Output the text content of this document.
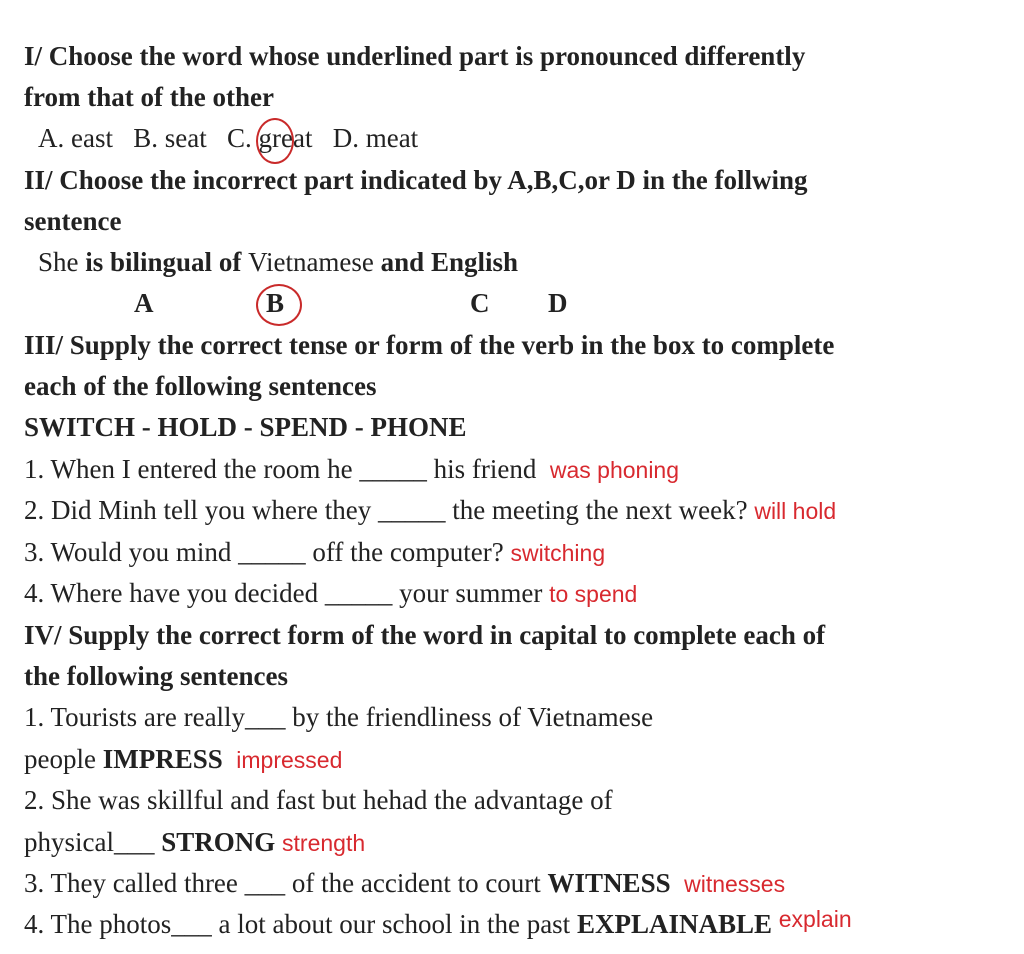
I/ Choose the word whose underlined part is pronounced differently
from that of the other
A. east B. seat C. great D. meat
II/ Choose the incorrect part indicated by A,B,C,or D in the follwing
sentence
She is bilingual of Vietnamese and English
A	B	C D
III/ Supply the correct tense or form of the verb in the box to complete
each of the following sentences
SWITCH - HOLD - SPEND - PHONE
1. When I entered the room he _____ his friend was phoning
2. Did Minh tell you where they _____ the meeting the next week? will hold
3. Would you mind _____ off the computer? switching
4. Where have you decided _____ your summer to spend
IV/ Supply the correct form of the word in capital to complete each of
the following sentences
1. Tourists are really___ by the friendliness of Vietnamese
people IMPRESS impressed
2. She was skillful and fast but hehad the advantage of
physical___ STRONG strength
3. They called three ___ of the accident to court WITNESS witnesses
4. The photos___ a lot about our school in the past EXPLAINABLE explain
